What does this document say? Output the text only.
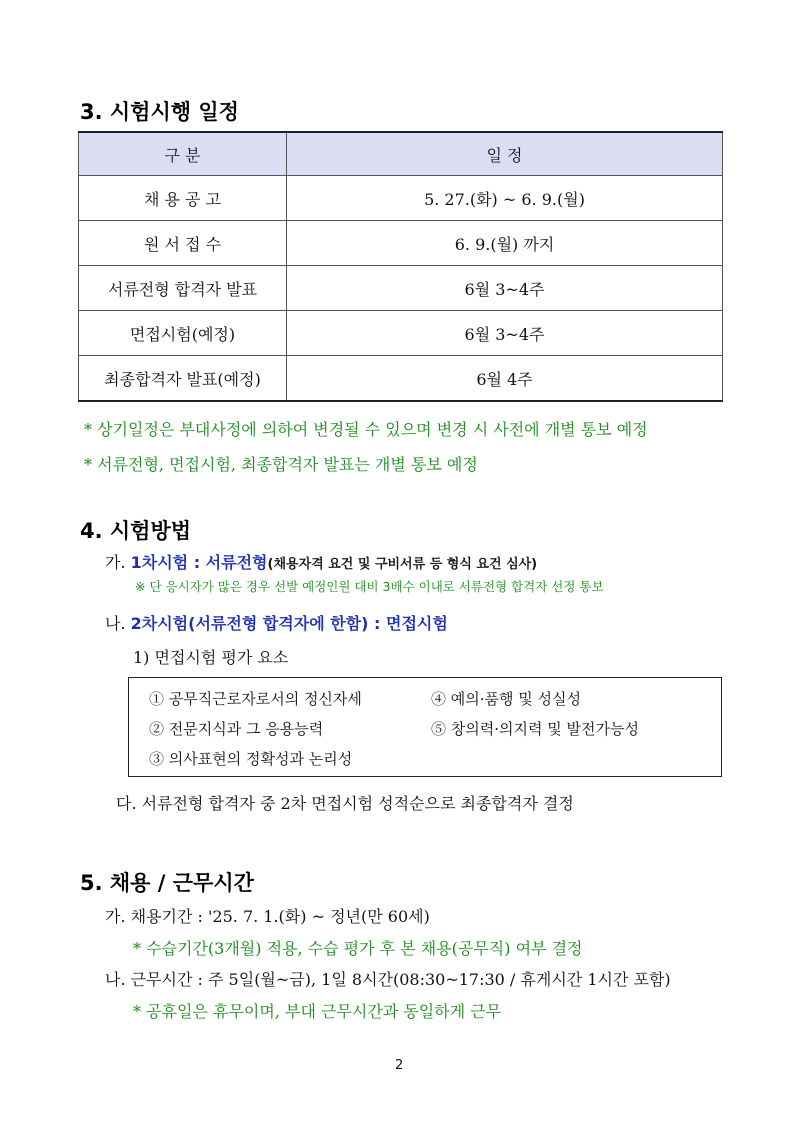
3. 시험시행 일정
구 분	일 정
채 용 공 고	5. 27.(화) ~ 6. 9.(월)
원 서 접 수	6. 9.(월) 까지
서류전형 합격자 발표	6월 3~4주
면접시험(예정)	6월 3~4주
최종합격자 발표(예정)	6월 4주
* 상기일정은 부대사정에 의하여 변경될 수 있으며 변경 시 사전에 개별 통보 예정
* 서류전형, 면접시험, 최종합격자 발표는 개별 통보 예정
4. 시험방법
가. 1차시험 : 서류전형(채용자격 요건 및 구비서류 등 형식 요건 심사)
※ 단 응시자가 많은 경우 선발 예정인원 대비 3배수 이내로 서류전형 합격자 선정 통보
나. 2차시험(서류전형 합격자에 한함) : 면접시험
1) 면접시험 평가 요소
① 공무직근로자로서의 정신자세
② 전문지식과 그 응용능력
③ 의사표현의 정확성과 논리성
④ 예의·품행 및 성실성
⑤ 창의력·의지력 및 발전가능성
다. 서류전형 합격자 중 2차 면접시험 성적순으로 최종합격자 결정
5. 채용 / 근무시간
가. 채용기간 : '25. 7. 1.(화) ~ 정년(만 60세)
* 수습기간(3개월) 적용, 수습 평가 후 본 채용(공무직) 여부 결정
나. 근무시간 : 주 5일(월~금), 1일 8시간(08:30~17:30 / 휴게시간 1시간 포함)
* 공휴일은 휴무이며, 부대 근무시간과 동일하게 근무
2
